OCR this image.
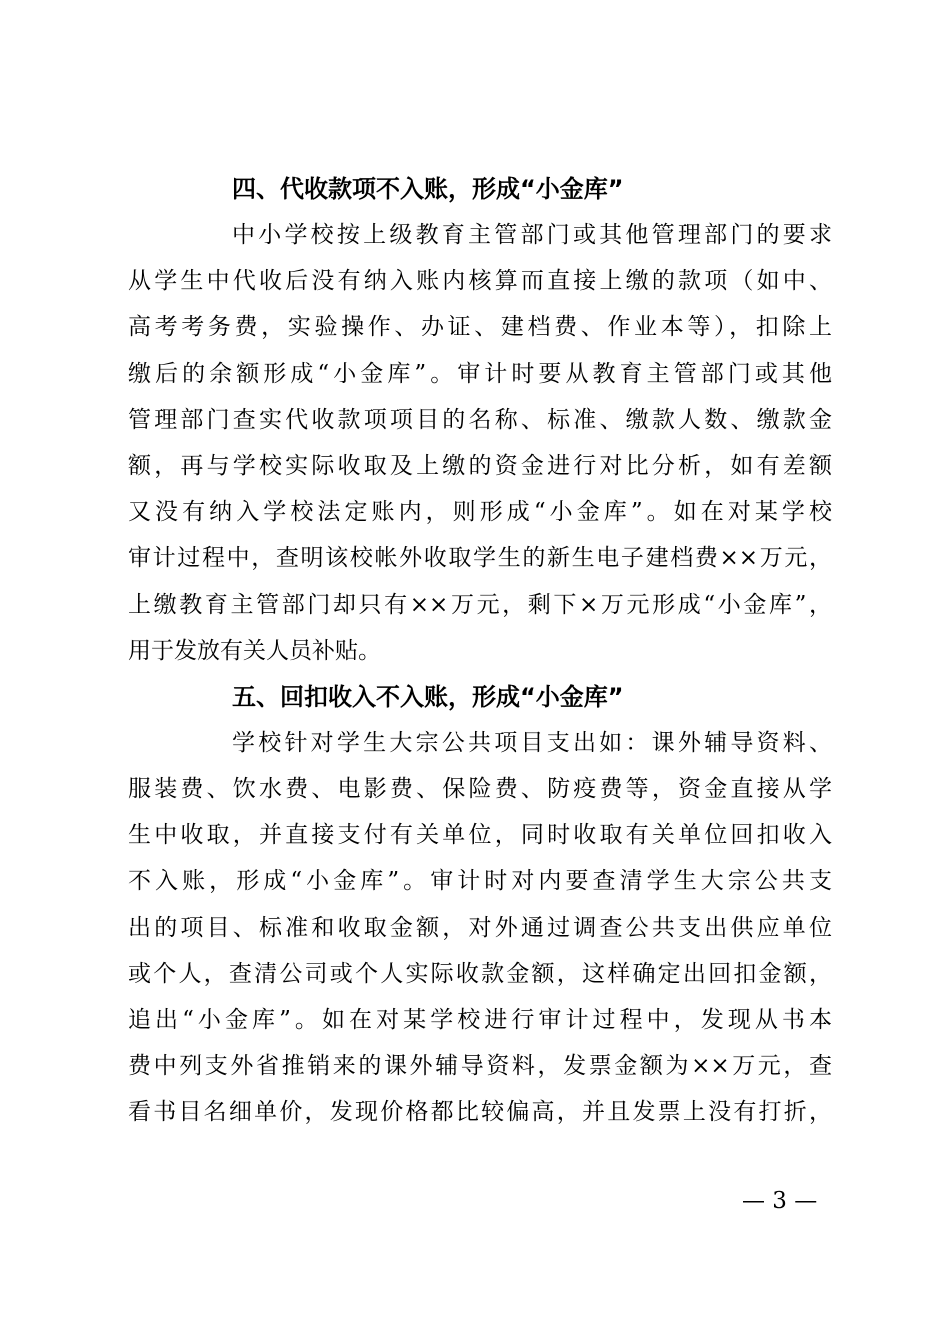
四、代收款项不入账，形成“小金库”
中小学校按上级教育主管部门或其他管理部门的要求
从学生中代收后没有纳入账内核算而直接上缴的款项（如中、
高考考务费，实验操作、办证、建档费、作业本等），扣除上
缴后的余额形成“小金库”。审计时要从教育主管部门或其他
管理部门查实代收款项项目的名称、标准、缴款人数、缴款金
额，再与学校实际收取及上缴的资金进行对比分析，如有差额
又没有纳入学校法定账内，则形成“小金库”。如在对某学校
审计过程中，查明该校帐外收取学生的新生电子建档费××万元，
上缴教育主管部门却只有××万元，剩下×万元形成“小金库”，
用于发放有关人员补贴。
五、回扣收入不入账，形成“小金库”
学校针对学生大宗公共项目支出如：课外辅导资料、
服装费、饮水费、电影费、保险费、防疫费等，资金直接从学
生中收取，并直接支付有关单位，同时收取有关单位回扣收入
不入账，形成“小金库”。审计时对内要查清学生大宗公共支
出的项目、标准和收取金额，对外通过调查公共支出供应单位
或个人，查清公司或个人实际收款金额，这样确定出回扣金额，
追出“小金库”。如在对某学校进行审计过程中，发现从书本
费中列支外省推销来的课外辅导资料，发票金额为××万元，查
看书目名细单价，发现价格都比较偏高，并且发票上没有打折，
— 3 —
